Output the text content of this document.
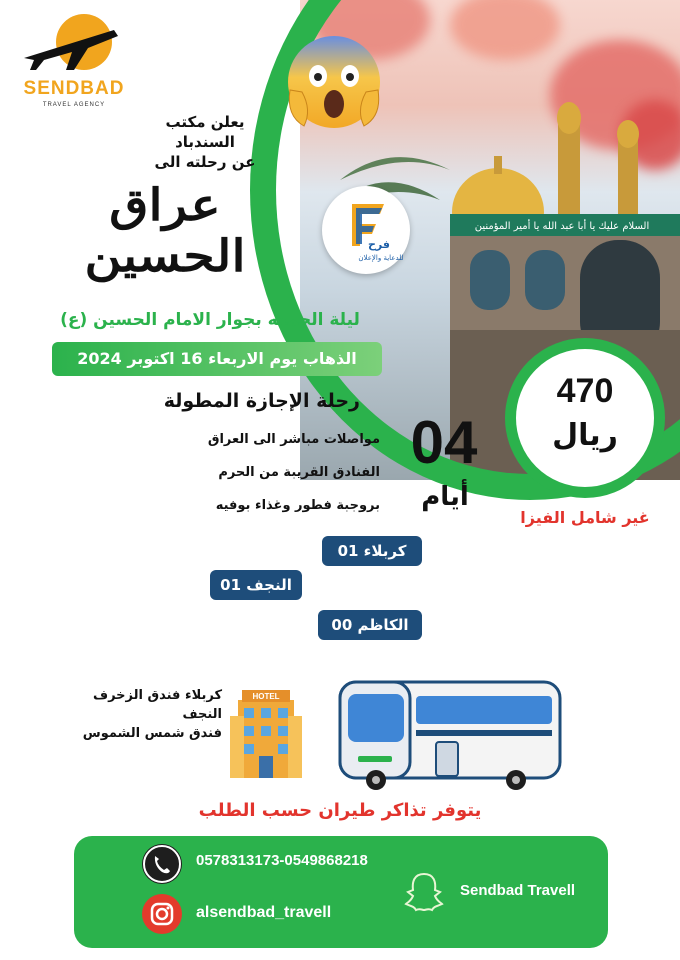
السلام عليك يا أبا عبد الله يا أمير المؤمنين
SENDBAD
TRAVEL AGENCY
يعلن مكتب السندباد
عن رحلته الى
عراق الحسين
F
فرح
للدعاية والإعلان
ليلة الجمعه بجوار الامام الحسين (ع)
الذهاب يوم الاربعاء 16 اكتوبر 2024
رحلة الإجازة المطولة
مواصلات مباشر الى العراق
الفنادق القريبة من الحرم
بروجبة فطور وغذاء بوفيه
04
أيام
470
ريال
غير شامل الفيزا
01 كربلاء
01 النجف
00 الكاظم
كربلاء فندق الزخرف
النجف
فندق شمس الشموس
HOTEL
يتوفر تذاكر طيران حسب الطلب
0578313173-0549868218
alsendbad_travell
Sendbad Travell
